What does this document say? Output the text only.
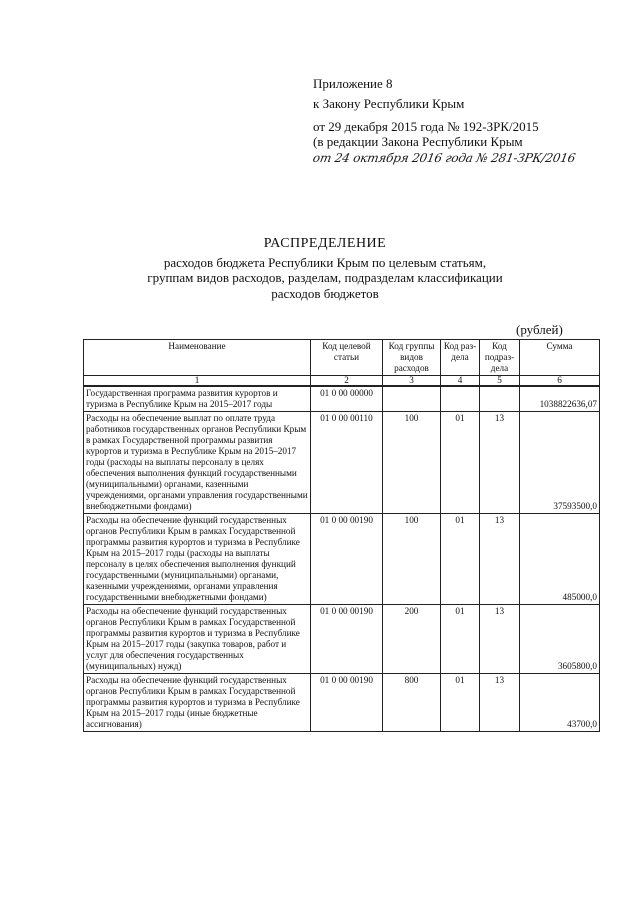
Приложение 8
к Закону Республики Крым
от 29 декабря 2015 года № 192-ЗРК/2015
(в редакции Закона Республики Крым
от 24 октября 2016 года № 281-ЗРК/2016
РАСПРЕДЕЛЕНИЕ
расходов бюджета Республики Крым по целевым статьям,
группам видов расходов, разделам, подразделам классификации
расходов бюджетов
(рублей)
Наименование	Код целевой статьи	Код группы видов расходов	Код раз-дела	Код подраз-дела	Сумма
1	2	3	4	5	6
Государственная программа развития курортов и туризма в Республике Крым на 2015–2017 годы	01 0 00 00000				1038822636,07
Расходы на обеспечение выплат по оплате труда работников государственных органов Республики Крым в рамках Государственной программы развития курортов и туризма в Республике Крым на 2015–2017 годы (расходы на выплаты персоналу в целях обеспечения выполнения функций государственными (муниципальными) органами, казенными учреждениями, органами управления государственными внебюджетными фондами)	01 0 00 00110	100	01	13	37593500,0
Расходы на обеспечение функций государственных органов Республики Крым в рамках Государственной программы развития курортов и туризма в Республике Крым на 2015–2017 годы (расходы на выплаты персоналу в целях обеспечения выполнения функций государственными (муниципальными) органами, казенными учреждениями, органами управления государственными внебюджетными фондами)	01 0 00 00190	100	01	13	485000,0
Расходы на обеспечение функций государственных органов Республики Крым в рамках Государственной программы развития курортов и туризма в Республике Крым на 2015–2017 годы (закупка товаров, работ и услуг для обеспечения государственных (муниципальных) нужд)	01 0 00 00190	200	01	13	3605800,0
Расходы на обеспечение функций государственных органов Республики Крым в рамках Государственной программы развития курортов и туризма в Республике Крым на 2015–2017 годы (иные бюджетные ассигнования)	01 0 00 00190	800	01	13	43700,0
